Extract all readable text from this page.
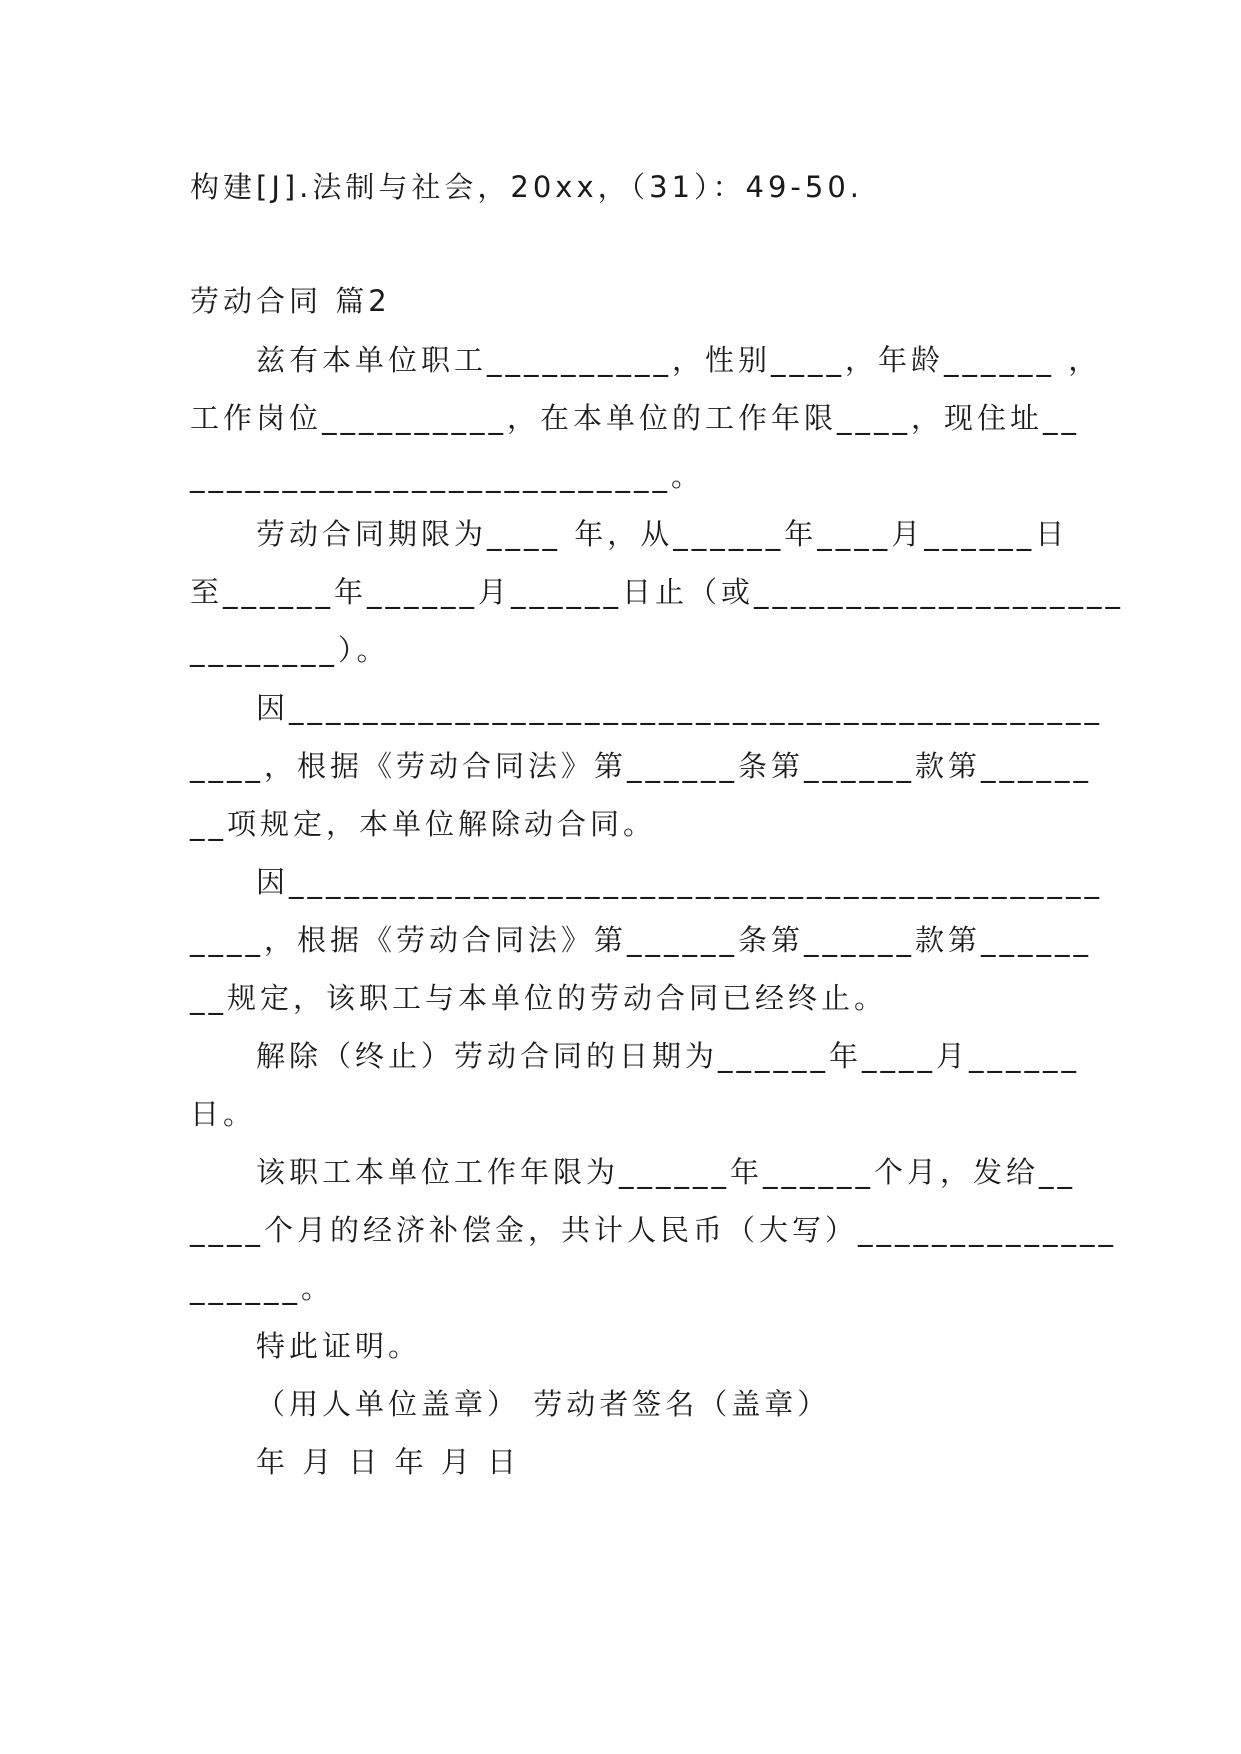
构建[J].法制与社会，20xx，（31）：49-50.
劳动合同 篇2
兹有本单位职工__________，性别____，年龄______ ，
工作岗位__________，在本单位的工作年限____，现住址__
__________________________。
劳动合同期限为____ 年，从______年____月______日
至______年______月______日止（或____________________
________）。
因____________________________________________
____，根据《劳动合同法》第______条第______款第______
__项规定，本单位解除动合同。
因____________________________________________
____，根据《劳动合同法》第______条第______款第______
__规定，该职工与本单位的劳动合同已经终止。
解除（终止）劳动合同的日期为______年____月______
日。
该职工本单位工作年限为______年______个月，发给__
____个月的经济补偿金，共计人民币（大写）______________
______。
特此证明。
（用人单位盖章） 劳动者签名（盖章）
年 月 日 年 月 日
